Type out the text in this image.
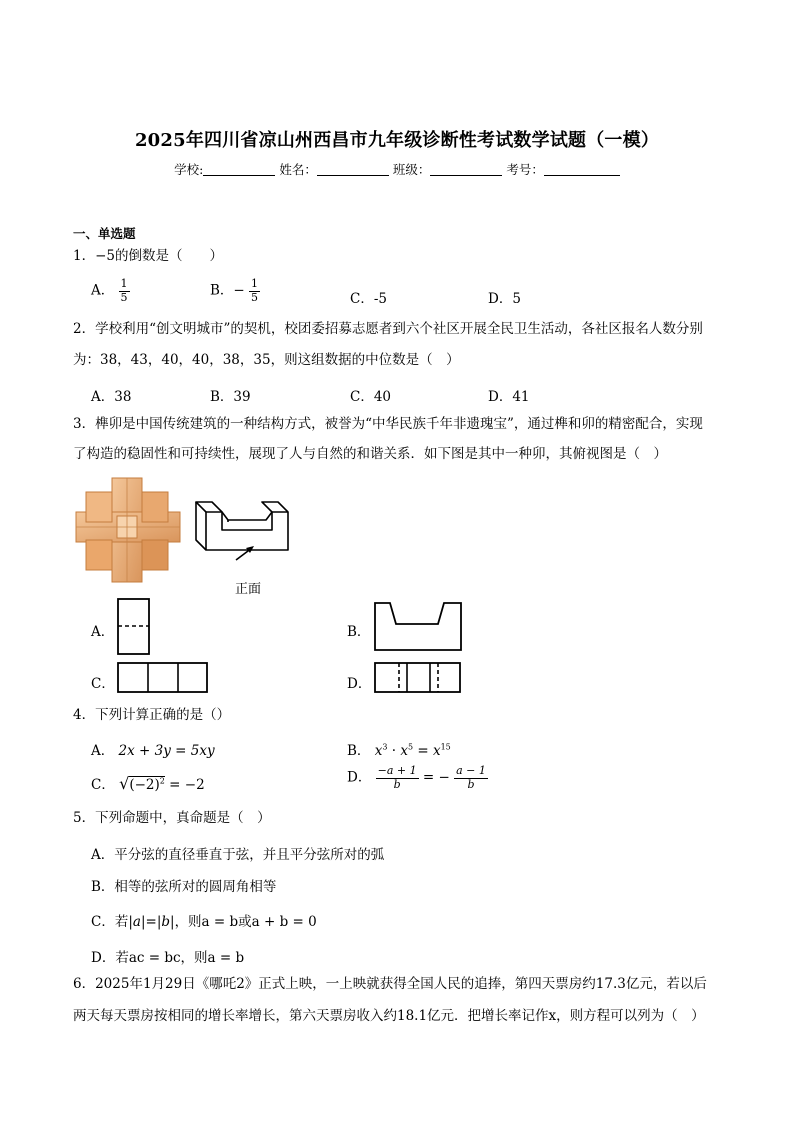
2025年四川省凉山州西昌市九年级诊断性考试数学试题（一模）
学校:	姓名：	班级：	考号：
一、单选题
1．−5的倒数是（　　）
A． $\frac{1}{5}$	B．− $\frac{1}{5}$	C．-5	D．5
2．学校利用“创文明城市”的契机，校团委招募志愿者到六个社区开展全民卫生活动，各社区报名人数分别
为：38，43，40，40，38，35，则这组数据的中位数是（　）
A．38	B．39	C．40	D．41
3．榫卯是中国传统建筑的一种结构方式，被誉为“中华民族千年非遗瑰宝”，通过榫和卯的精密配合，实现
了构造的稳固性和可持续性，展现了人与自然的和谐关系．如下图是其中一种卯，其俯视图是（　）
正面
A．	B．
C．	D．
4．下列计算正确的是（）
A． 2x + 3y = 5xy	B． $x^3 \cdot x^5 = x^{15}$
C． $√(-2)^2 = -2$	D． $\frac{-a + 1}{b}$ = − $\frac{a - 1}{b}$
5．下列命题中，真命题是（　）
A．平分弦的直径垂直于弦，并且平分弦所对的弧
B．相等的弦所对的圆周角相等
C．若|a|=|b|，则a = b或a + b = 0
D．若ac = bc，则a = b
6．2025年1月29日《哪吒2》正式上映，一上映就获得全国人民的追捧，第四天票房约17.3亿元，若以后
两天每天票房按相同的增长率增长，第六天票房收入约18.1亿元．把增长率记作x，则方程可以列为（　）
